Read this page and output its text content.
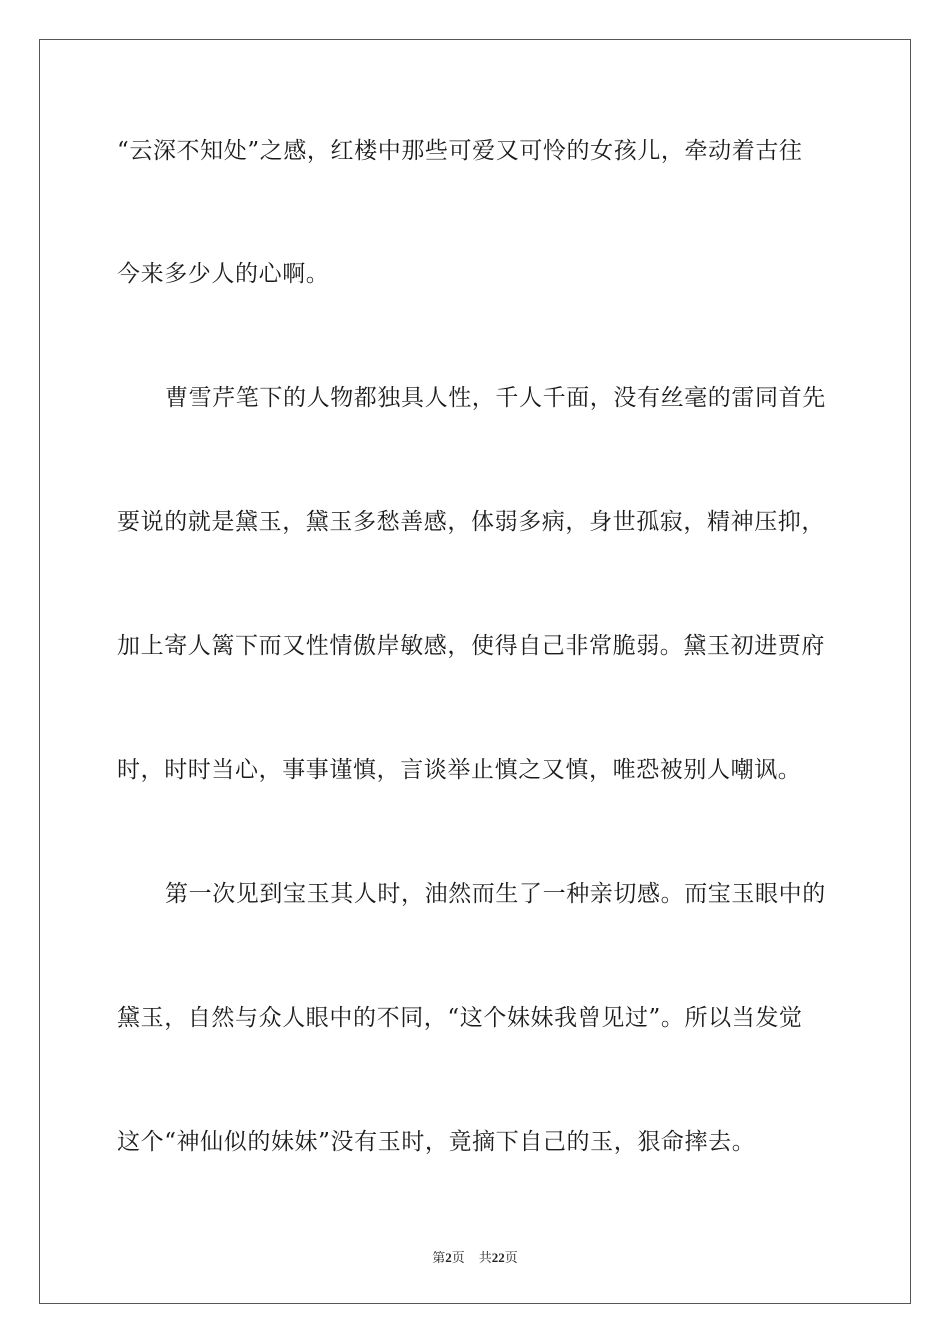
“云深不知处”之感，红楼中那些可爱又可怜的女孩儿，牵动着古往
今来多少人的心啊。
曹雪芹笔下的人物都独具人性，千人千面，没有丝毫的雷同首先
要说的就是黛玉，黛玉多愁善感，体弱多病，身世孤寂，精神压抑，
加上寄人篱下而又性情傲岸敏感，使得自己非常脆弱。黛玉初进贾府
时，时时当心，事事谨慎，言谈举止慎之又慎，唯恐被别人嘲讽。
第一次见到宝玉其人时，油然而生了一种亲切感。而宝玉眼中的
黛玉，自然与众人眼中的不同，“这个妹妹我曾见过”。所以当发觉
这个“神仙似的妹妹”没有玉时，竟摘下自己的玉，狠命摔去。
第2页 共22页
